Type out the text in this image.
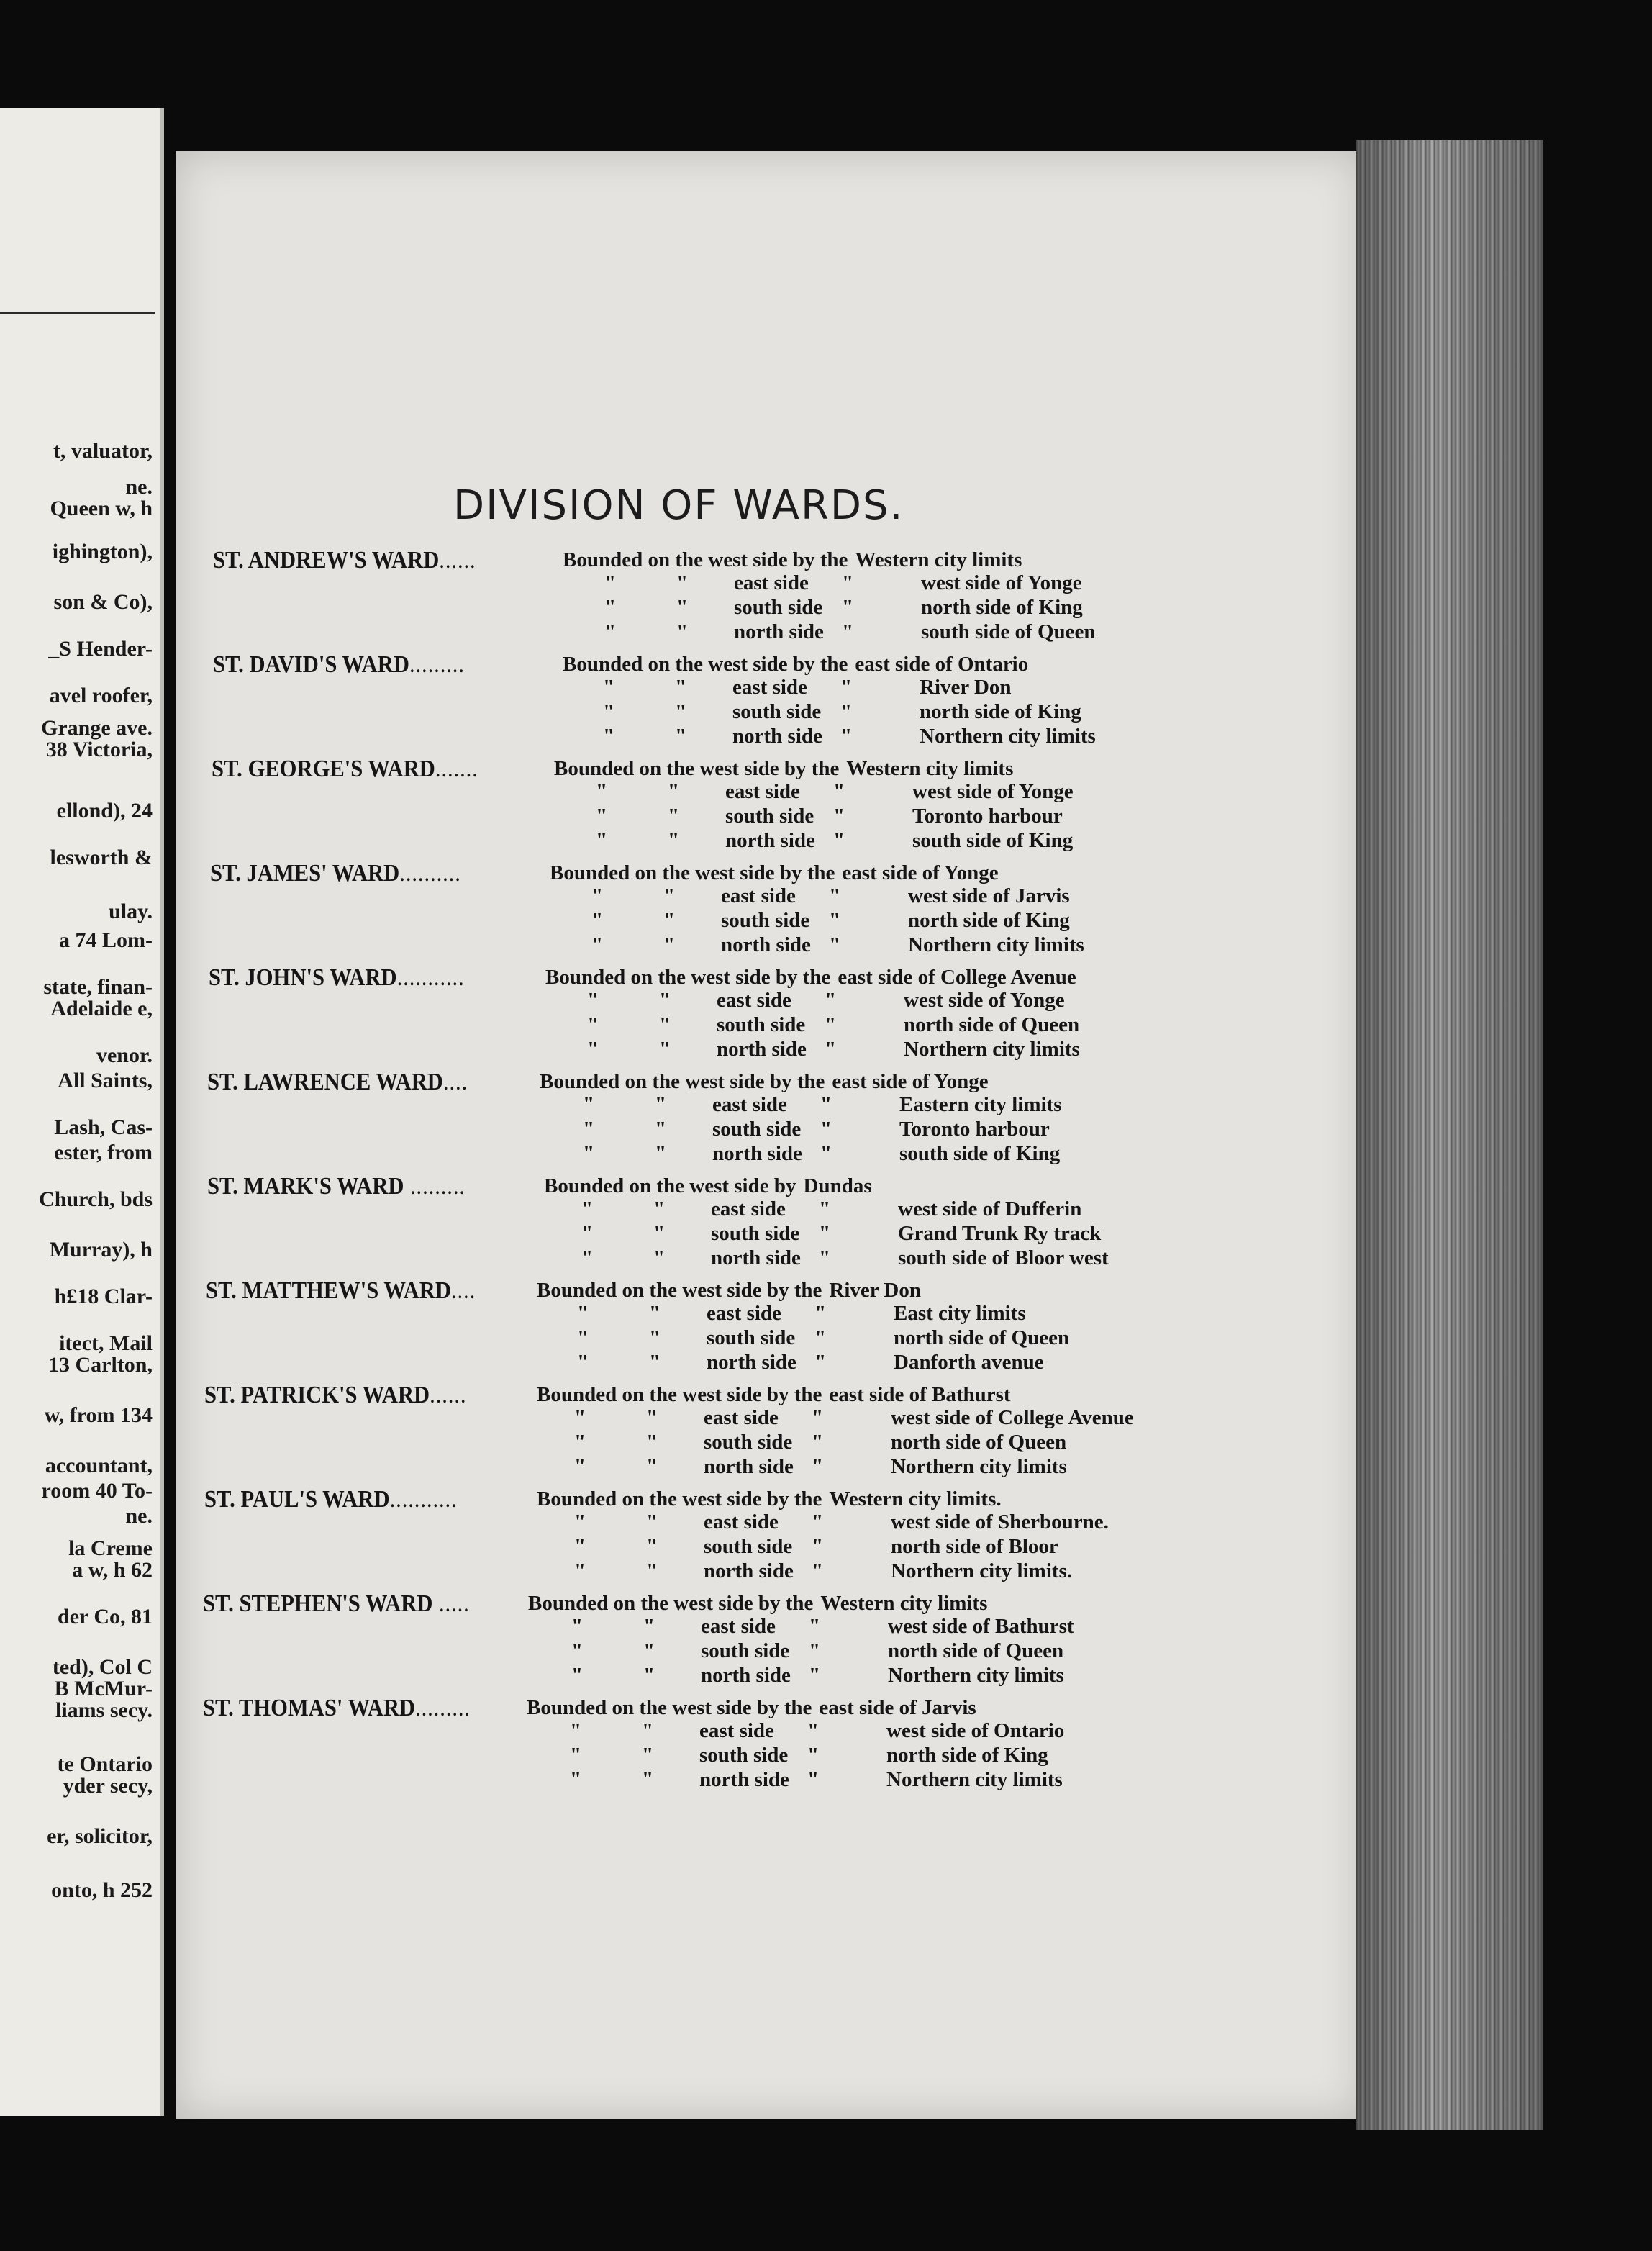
t, valuator,
ne.
Queen w, h
ighington),
son & Co),
_S Hender-
avel roofer,
Grange ave.
38 Victoria,
ellond), 24
lesworth &
ulay.
a 74 Lom-
state, finan-
Adelaide e,
venor.
All Saints,
Lash, Cas-
ester, from
Church, bds
Murray), h
h£18 Clar-
itect, Mail
13 Carlton,
w, from 134
accountant,
room 40 To-
ne.
la Creme
a w, h 62
der Co, 81
ted), Col C
B McMur-
liams secy.
te Ontario
yder secy,
er, solicitor,
onto, h 252
DIVISION OF WARDS.
ST. ANDREW'S WARD......	Bounded on the west side by the Western city limits
"	" east side "	west side of Yonge
"	" south side "	north side of King
"	" north side "	south side of Queen
ST. DAVID'S WARD.........	Bounded on the west side by the east side of Ontario
"	" east side "	River Don
"	" south side "	north side of King
"	" north side "	Northern city limits
ST. GEORGE'S WARD.......	Bounded on the west side by the Western city limits
"	" east side "	west side of Yonge
"	" south side "	Toronto harbour
"	" north side "	south side of King
ST. JAMES' WARD..........	Bounded on the west side by the east side of Yonge
"	" east side "	west side of Jarvis
"	" south side "	north side of King
"	" north side "	Northern city limits
ST. JOHN'S WARD...........	Bounded on the west side by the east side of College Avenue
"	" east side "	west side of Yonge
"	" south side "	north side of Queen
"	" north side "	Northern city limits
ST. LAWRENCE WARD....	Bounded on the west side by the east side of Yonge
"	" east side "	Eastern city limits
"	" south side "	Toronto harbour
"	" north side "	south side of King
ST. MARK'S WARD .........	Bounded on the west side by Dundas
"	" east side "	west side of Dufferin
"	" south side "	Grand Trunk Ry track
"	" north side "	south side of Bloor west
ST. MATTHEW'S WARD....	Bounded on the west side by the River Don
"	" east side "	East city limits
"	" south side "	north side of Queen
"	" north side "	Danforth avenue
ST. PATRICK'S WARD......	Bounded on the west side by the east side of Bathurst
"	" east side "	west side of College Avenue
"	" south side "	north side of Queen
"	" north side "	Northern city limits
ST. PAUL'S WARD...........	Bounded on the west side by the Western city limits.
"	" east side "	west side of Sherbourne.
"	" south side "	north side of Bloor
"	" north side "	Northern city limits.
ST. STEPHEN'S WARD .....	Bounded on the west side by the Western city limits
"	" east side "	west side of Bathurst
"	" south side "	north side of Queen
"	" north side "	Northern city limits
ST. THOMAS' WARD.........	Bounded on the west side by the east side of Jarvis
"	" east side "	west side of Ontario
"	" south side "	north side of King
"	" north side "	Northern city limits
